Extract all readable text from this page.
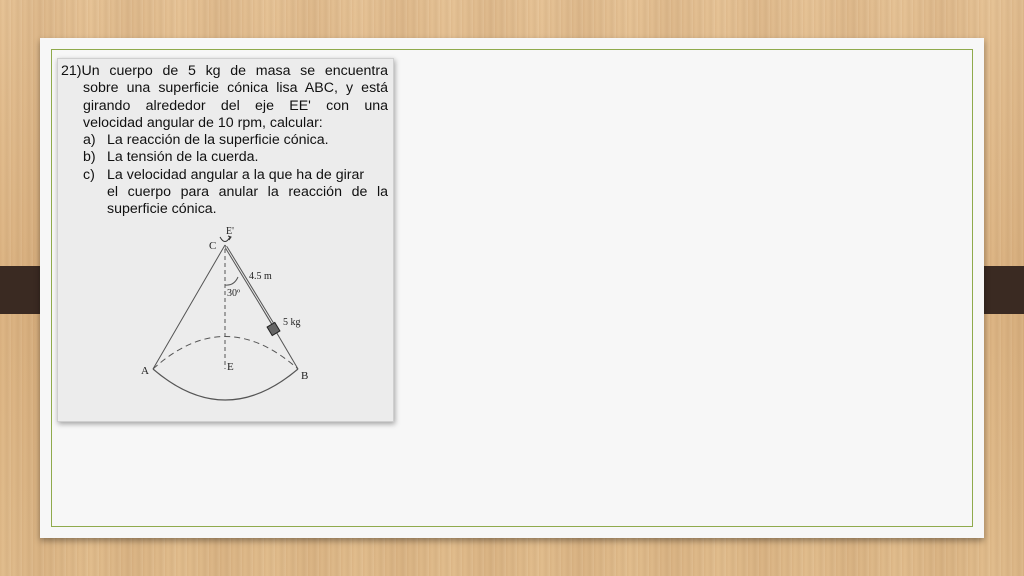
21)Un cuerpo de 5 kg de masa se encuentra
sobre una superficie cónica lisa ABC, y está
girando alrededor del eje EE' con una
velocidad angular de 10 rpm, calcular:
a) La reacción de la superficie cónica.
b) La tensión de la cuerda.
c) La velocidad angular a la que ha de girar
el cuerpo para anular la reacción de la
superficie cónica.
C
E'
4.5 m
30º
5 kg
A	E
B
